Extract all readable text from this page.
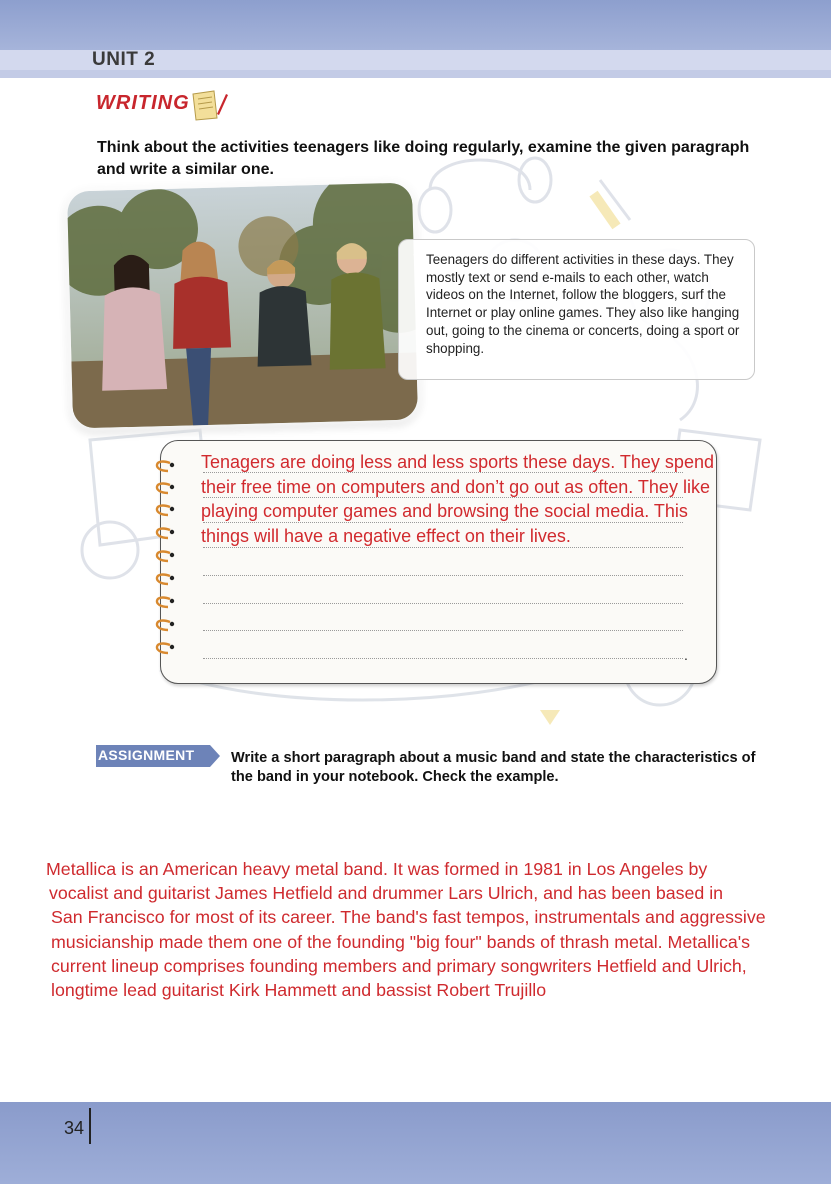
UNIT 2
WRITING
Think about the activities teenagers like doing regularly, examine the given paragraph and write a similar one.
Teenagers do different activities in these days. They mostly text or send e-mails to each other, watch videos on the Internet, follow the bloggers, surf the Internet or play online games. They also like hanging out, going to the cinema or concerts, doing a sport or shopping.
Tenagers are doing less and less sports these days. They spend their free time on computers and don’t go out as often. They like playing computer games and browsing the social media. This things will have a negative effect on their lives.
.
ASSIGNMENT	Write a short paragraph about a music band and state the characteristics of the band in your notebook. Check the example.
Metallica is an American heavy metal band. It was formed in 1981 in Los Angeles by
vocalist and guitarist James Hetfield and drummer Lars Ulrich, and has been based in
San Francisco for most of its career. The band's fast tempos, instrumentals and aggressive
musicianship made them one of the founding "big four" bands of thrash metal. Metallica's
current lineup comprises founding members and primary songwriters Hetfield and Ulrich,
longtime lead guitarist Kirk Hammett and bassist Robert Trujillo
34
